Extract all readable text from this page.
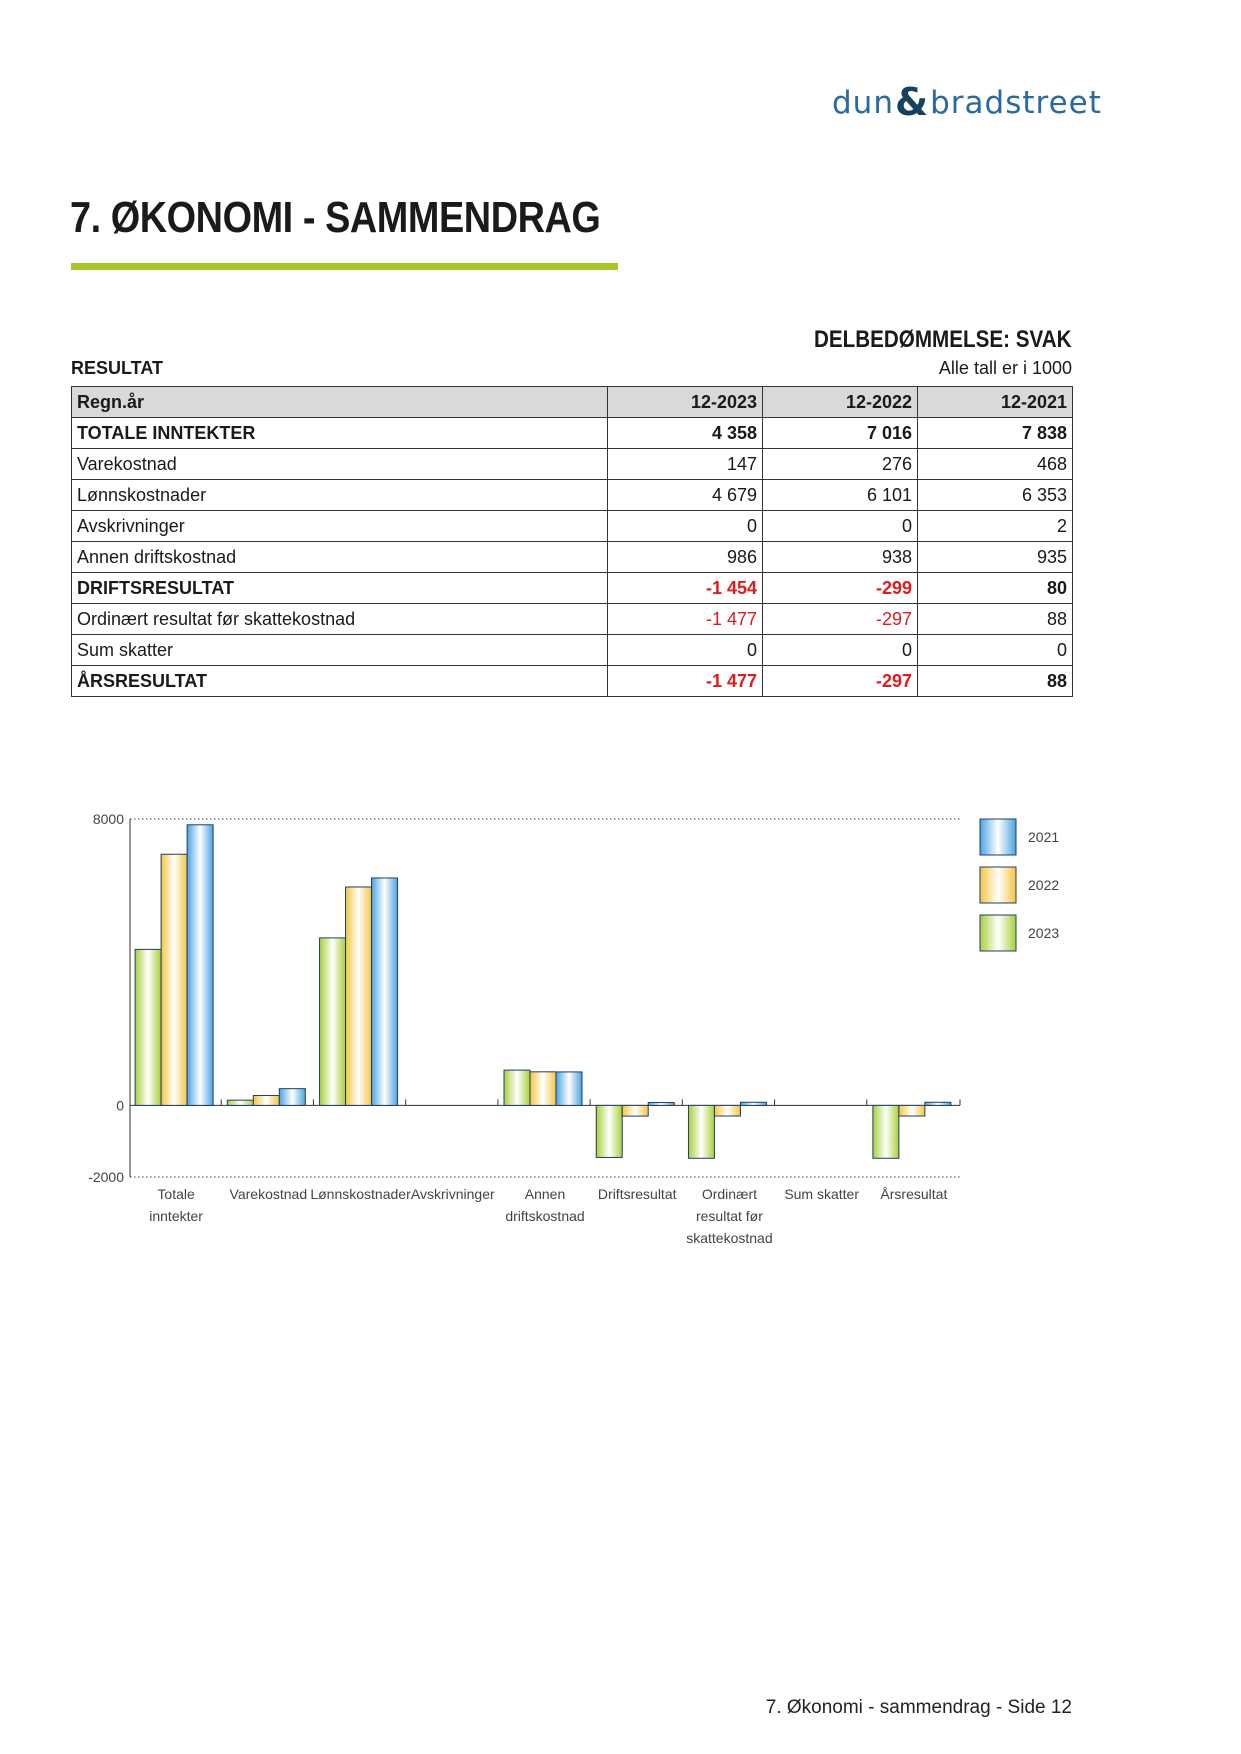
dun&bradstreet
7. ØKONOMI - SAMMENDRAG
DELBEDØMMELSE: SVAK
RESULTAT	Alle tall er i 1000
Regn.år	12-2023	12-2022	12-2021
TOTALE INNTEKTER	4 358	7 016	7 838
Varekostnad	147	276	468
Lønnskostnader	4 679	6 101	6 353
Avskrivninger	0	0	2
Annen driftskostnad	986	938	935
DRIFTSRESULTAT	-1 454	-299	80
Ordinært resultat før skattekostnad	-1 477	-297	88
Sum skatter	0	0	0
ÅRSRESULTAT	-1 477	-297	88
8000
0
-2000
Totale
inntekter
Varekostnad Lønnskostnader Avskrivninger Annen
driftskostnad
Driftsresultat Ordinært
resultat før
skattekostnad
Sum skatter Årsresultat
2021
2022
2023
7. Økonomi - sammendrag - Side 12
